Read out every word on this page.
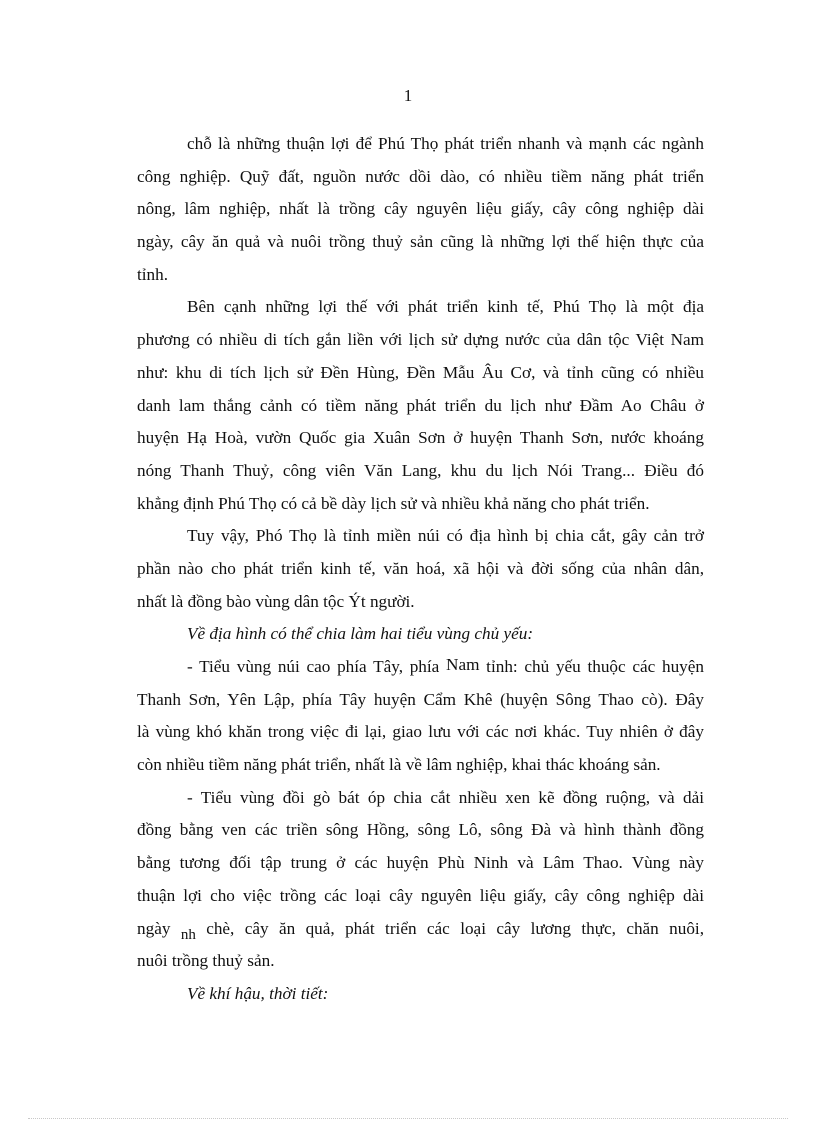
1
chỗ là những thuận lợi để Phú Thọ phát triển nhanh và mạnh các ngành
công nghiệp. Quỹ đất, nguồn nước dồi dào, có nhiều tiềm năng phát triển
nông, lâm nghiệp, nhất là trồng cây nguyên liệu giấy, cây công nghiệp dài
ngày, cây ăn quả và nuôi trồng thuỷ sản cũng là những lợi thế hiện thực của
tỉnh.
Bên cạnh những lợi thế với phát triển kinh tế, Phú Thọ là một địa
phương có nhiều di tích gắn liền với lịch sử dựng nước của dân tộc Việt Nam
như: khu di tích lịch sử Đền Hùng, Đền Mẫu Âu Cơ, và tỉnh cũng có nhiều
danh lam thắng cảnh có tiềm năng phát triển du lịch như Đầm Ao Châu ở
huyện Hạ Hoà, vườn Quốc gia Xuân Sơn ở huyện Thanh Sơn, nước khoáng
nóng Thanh Thuỷ, công viên Văn Lang, khu du lịch Nói Trang... Điều đó
khẳng định Phú Thọ có cả bề dày lịch sử và nhiều khả năng cho phát triển.
Tuy vậy, Phó Thọ là tỉnh miền núi có địa hình bị chia cắt, gây cản trở
phần nào cho phát triển kinh tế, văn hoá, xã hội và đời sống của nhân dân,
nhất là đồng bào vùng dân tộc Ýt người.
Về địa hình có thể chia làm hai tiểu vùng chủ yếu:
- Tiểu vùng núi cao phía Tây, phía Nam tỉnh: chủ yếu thuộc các huyện
Thanh Sơn, Yên Lập, phía Tây huyện Cẩm Khê (huyện Sông Thao cò). Đây
là vùng khó khăn trong việc đi lại, giao lưu với các nơi khác. Tuy nhiên ở đây
còn nhiều tiềm năng phát triển, nhất là về lâm nghiệp, khai thác khoáng sản.
- Tiểu vùng đồi gò bát óp chia cắt nhiều xen kẽ đồng ruộng, và dải
đồng bằng ven các triền sông Hồng, sông Lô, sông Đà và hình thành đồng
bằng tương đối tập trung ở các huyện Phù Ninh và Lâm Thao. Vùng này
thuận lợi cho việc trồng các loại cây nguyên liệu giấy, cây công nghiệp dài
ngày nh chè, cây ăn quả, phát triển các loại cây lương thực, chăn nuôi,
nuôi trồng thuỷ sản.
Về khí hậu, thời tiết:
